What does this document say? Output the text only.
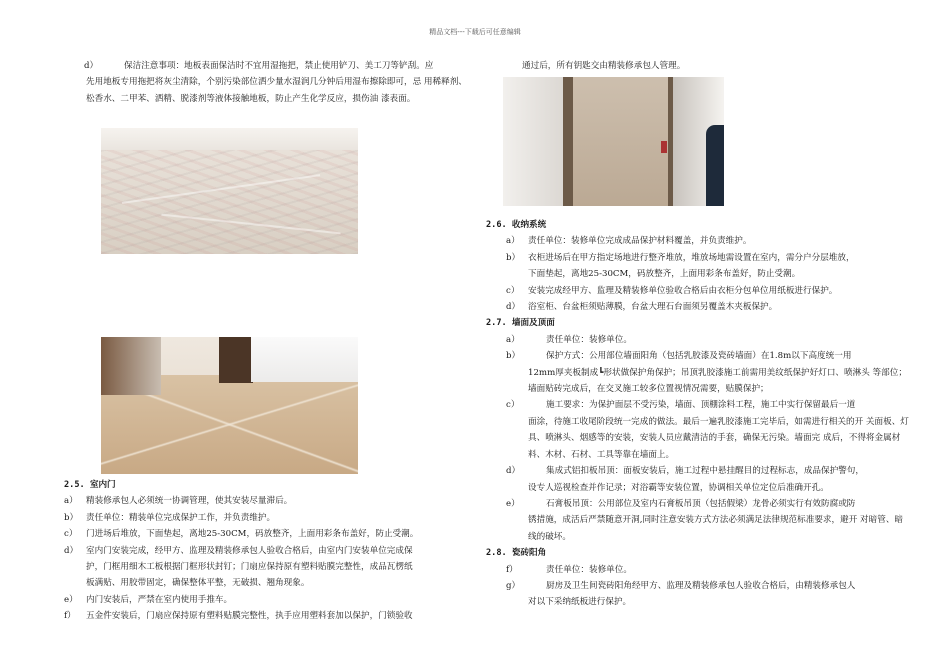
精品文档---下载后可任意编辑
d）	保洁注意事项：地板表面保洁时不宜用湿拖把，禁止使用铲刀、美工刀等铲刮。应
先用地板专用拖把将灰尘清除，个别污染部位洒少量水湿润几分钟后用湿布擦除即可，忌 用稀释剂、松香水、二甲苯、洒精、脱漆剂等液体接触地板，防止产生化学反应，损伤油 漆表面。
2.5. 室内门
a） 精装修承包人必须统一协调管理，使其安装尽量滞后。
b） 责任单位：精装单位完成保护工作，并负责维护。
c） 门进场后堆放，下面垫起，离地25-30CM，码放整齐，上面用彩条布盖好，防止受潮。
d） 室内门安装完成，经甲方、监理及精装修承包人验收合格后，由室内门安装单位完成保
护，门框用细木工板根据门框形状封钉；门扇应保持原有塑料贴膜完整性，成品瓦楞纸
板满贴、用胶带固定，确保整体平整，无破损、翘角现象。
e） 内门安装后，严禁在室内使用手推车。
f） 五金件安装后，门扇应保持原有塑料贴膜完整性，执手应用塑料套加以保护，门锁验收
通过后，所有钥匙交由精装修承包人管理。
2.6. 收纳系统
a） 责任单位：装修单位完成成品保护材料覆盖，并负责维护。
b） 衣柜进场后在甲方指定场地进行整齐堆放，堆放场地需设置在室内，需分户分层堆放，
下面垫起，离地25-30CM，码放整齐，上面用彩条布盖好，防止受潮。
c） 安装完成经甲方、监理及精装修单位验收合格后由衣柜分包单位用纸板进行保护。
d） 浴室柜、台盆柜须贴薄膜，台盆大理石台面须另覆盖木夹板保护。
2.7. 墙面及顶面
a）	责任单位：装修单位。
b）	保护方式：公用部位墙面阳角（包括乳胶漆及瓷砖墙面）在1.8m以下高度统一用
12mm厚夹板制成┗形状做保护角保护；吊顶乳胶漆施工前需用美纹纸保护好灯口、喷淋头 等部位；墙面贴砖完成后，在交叉施工较多位置视情况需要，贴膜保护；
c）	施工要求：为保护面层不受污染，墙面、顶棚涂料工程，施工中实行保留最后一道
面涂，待施工收尾阶段统一完成的做法。最后一遍乳胶漆施工完毕后，如需进行相关的开 关面板、灯具、喷淋头、烟感等的安装，安装人员应戴清洁的手套，确保无污染。墙面完 成后，不得将金属材料、木材、石材、工具等靠在墙面上。
d）	集成式铝扣板吊顶：面板安装后，施工过程中悬挂醒目的过程标志，成品保护警句，
设专人巡视检查并作记录；对浴霸等安装位置，协调相关单位定位后准确开孔。
e）	石膏板吊顶：公用部位及室内石膏板吊顶（包括假梁）龙骨必须实行有效防腐或防
锈措施，成活后严禁随意开洞,同时注意安装方式方法必须满足法律规范标准要求，避开 对暗管、暗线的破坏。
2.8. 瓷砖阳角
f）	责任单位：装修单位。
g）	厨房及卫生间瓷砖阳角经甲方、监理及精装修承包人验收合格后，由精装修承包人
对以下采纳纸板进行保护。
